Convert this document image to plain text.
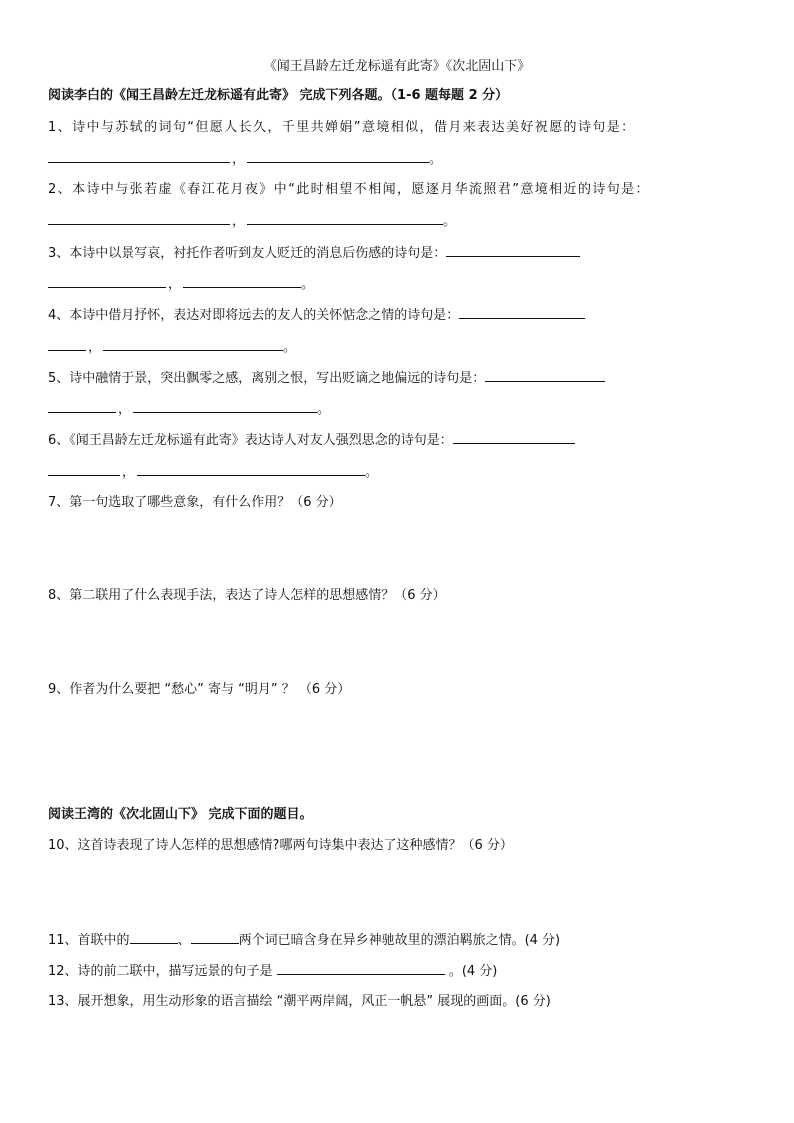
《闻王昌龄左迁龙标遥有此寄》《次北固山下》
阅读李白的《闻王昌龄左迁龙标遥有此寄》 完成下列各题。（1-6 题每题 2 分）
1、诗中与苏轼的词句“但愿人长久，千里共婵娟”意境相似，借月来表达美好祝愿的诗句是：
，	。
2、本诗中与张若虚《春江花月夜》中“此时相望不相闻，愿逐月华流照君”意境相近的诗句是：
，	。
3、本诗中以景写哀，衬托作者听到友人贬迁的消息后伤感的诗句是：
，	。
4、本诗中借月抒怀，表达对即将远去的友人的关怀惦念之情的诗句是：
，	。
5、诗中融情于景，突出飘零之感，离别之恨，写出贬谪之地偏远的诗句是：
，	。
6、《闻王昌龄左迁龙标遥有此寄》表达诗人对友人强烈思念的诗句是：
，	。
7、第一句选取了哪些意象，有什么作用？（6 分）
8、第二联用了什么表现手法，表达了诗人怎样的思想感情？（6 分）
9、作者为什么要把 “愁心” 寄与 “明月” ？ （6 分）
阅读王湾的《次北固山下》 完成下面的题目。
10、这首诗表现了诗人怎样的思想感情?哪两句诗集中表达了这种感情？（6 分）
11、首联中的	、	两个词已暗含身在异乡神驰故里的漂泊羁旅之情。(4 分)
12、诗的前二联中，描写远景的句子是	。(4 分)
13、展开想象，用生动形象的语言描绘 “潮平两岸阔，风正一帆悬” 展现的画面。(6 分)
